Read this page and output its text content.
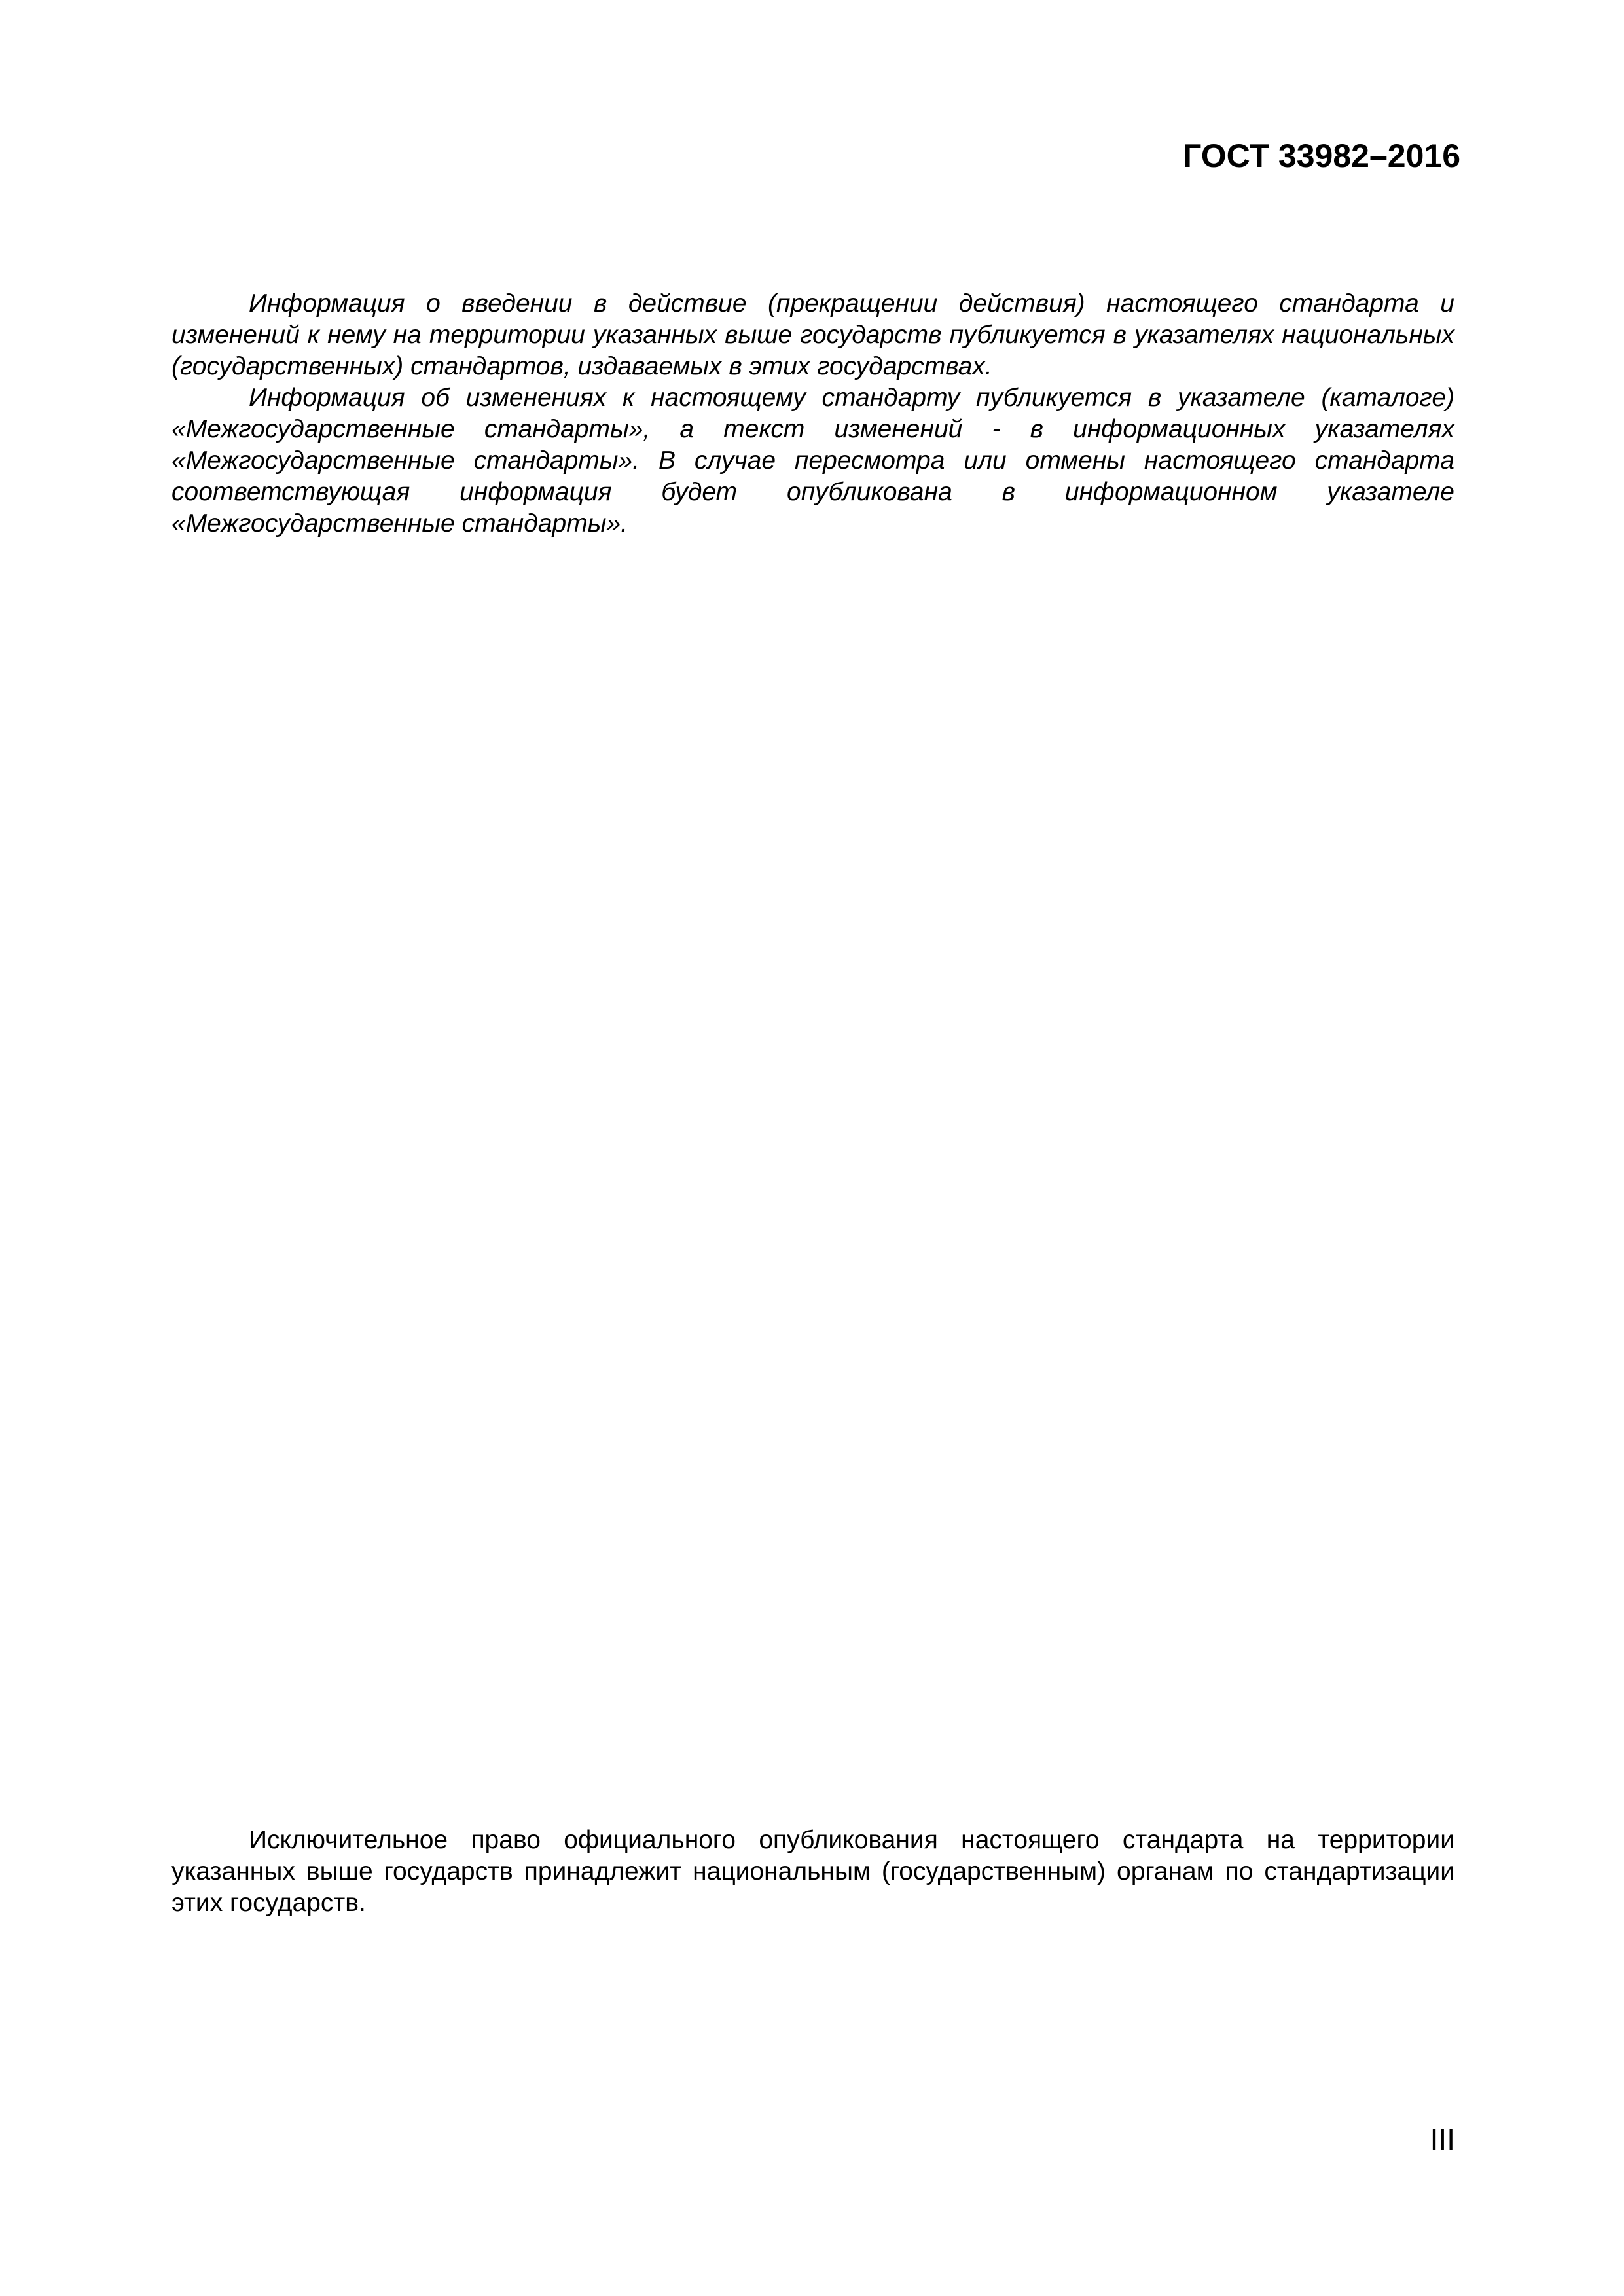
ГОСТ 33982–2016

Информация о введении в действие (прекращении действия) настоящего стандарта и изменений к нему на территории указанных выше государств публикуется в указателях национальных (государственных) стандартов, издаваемых в этих государствах.

Информация об изменениях к настоящему стандарту публикуется в указателе (каталоге) «Межгосударственные стандарты», а текст изменений - в информационных указателях «Межгосударственные стандарты». В случае пересмотра или отмены настоящего стандарта соответствующая информация будет опубликована в информационном указателе «Межгосударственные стандарты».

Исключительное право официального опубликования настоящего стандарта на территории указанных выше государств принадлежит национальным (государственным) органам по стандартизации этих государств.

III
